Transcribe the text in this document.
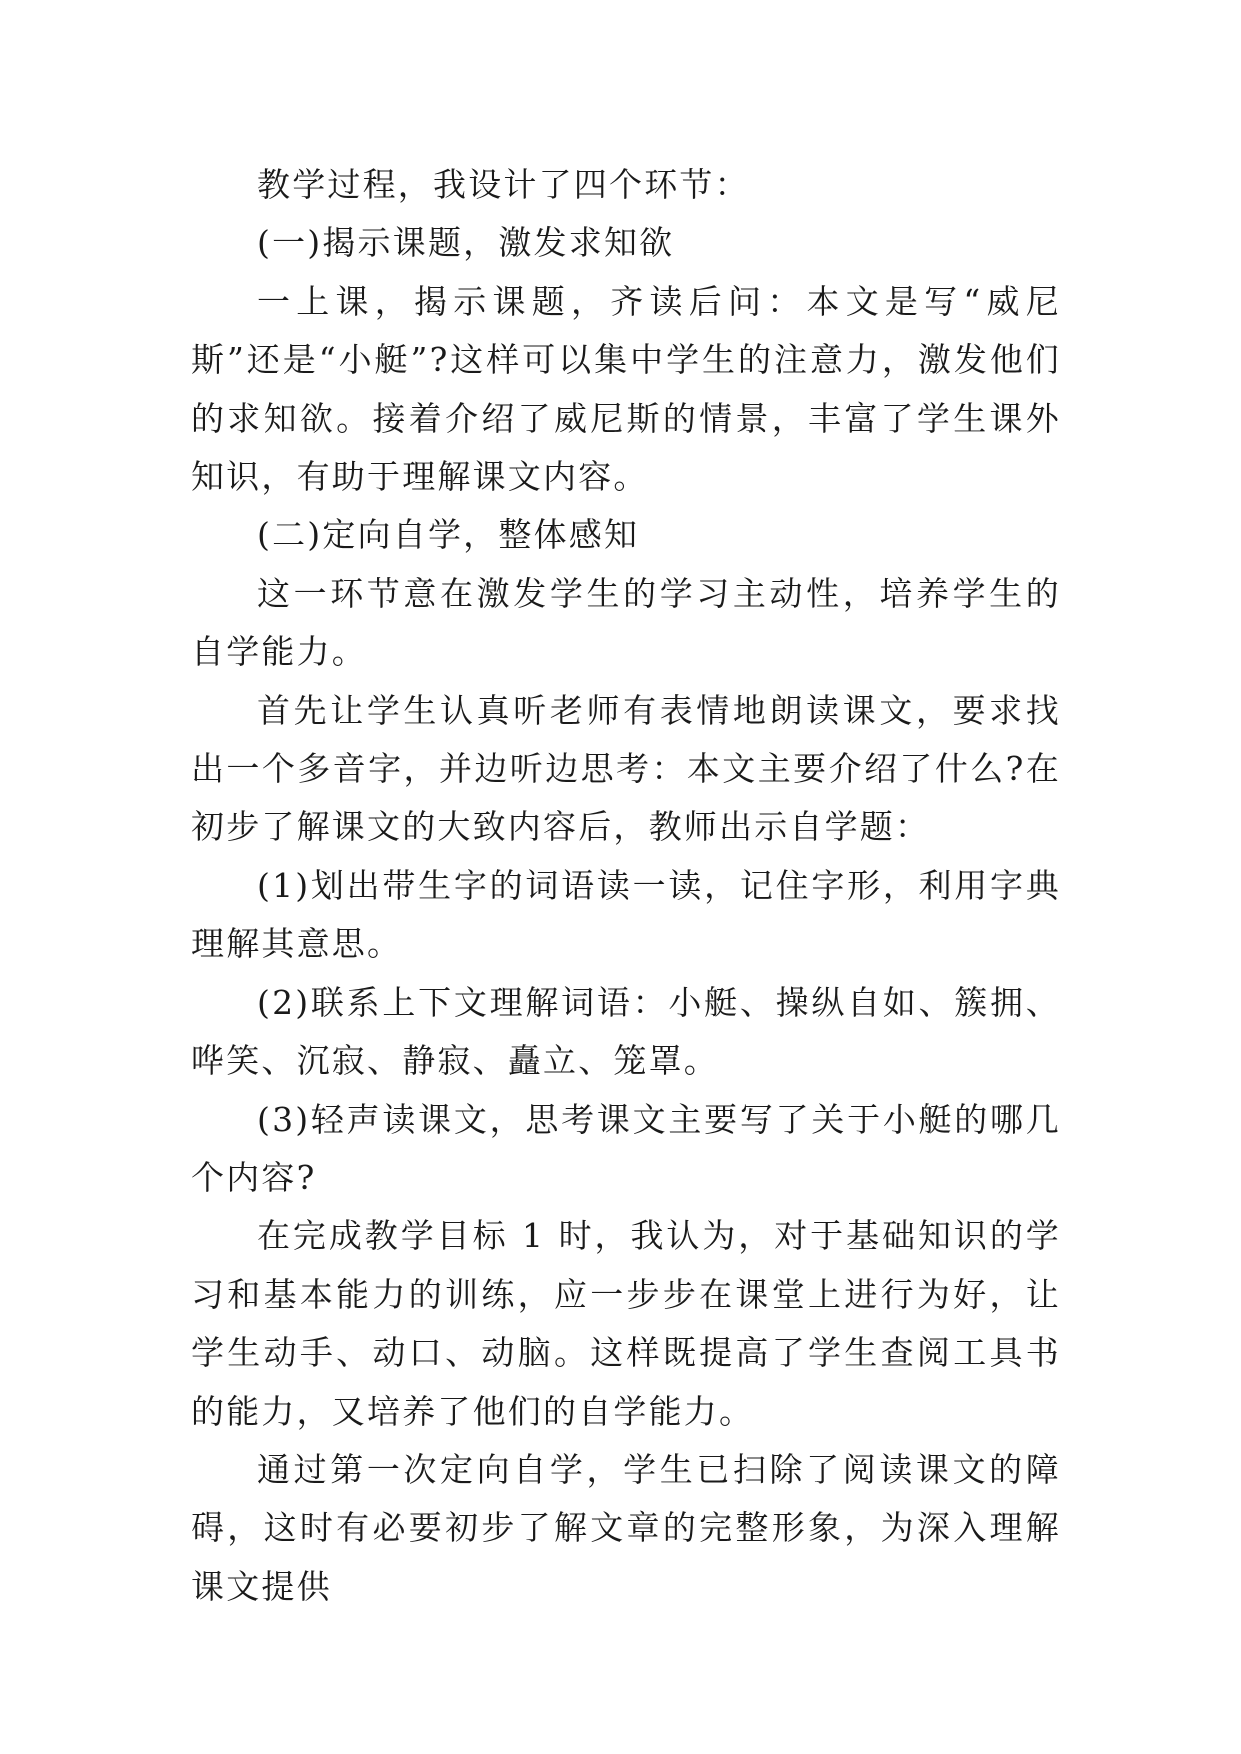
教学过程，我设计了四个环节：

(一)揭示课题，激发求知欲

一上课，揭示课题，齐读后问：本文是写“威尼斯”还是“小艇”?这样可以集中学生的注意力，激发他们的求知欲。接着介绍了威尼斯的情景，丰富了学生课外知识，有助于理解课文内容。

(二)定向自学，整体感知

这一环节意在激发学生的学习主动性，培养学生的自学能力。

首先让学生认真听老师有表情地朗读课文，要求找出一个多音字，并边听边思考：本文主要介绍了什么?在初步了解课文的大致内容后，教师出示自学题：

(1)划出带生字的词语读一读，记住字形，利用字典理解其意思。

(2)联系上下文理解词语：小艇、操纵自如、簇拥、哗笑、沉寂、静寂、矗立、笼罩。

(3)轻声读课文，思考课文主要写了关于小艇的哪几个内容?

在完成教学目标 1 时，我认为，对于基础知识的学习和基本能力的训练，应一步步在课堂上进行为好，让学生动手、动口、动脑。这样既提高了学生查阅工具书的能力，又培养了他们的自学能力。

通过第一次定向自学，学生已扫除了阅读课文的障碍，这时有必要初步了解文章的完整形象，为深入理解课文提供
